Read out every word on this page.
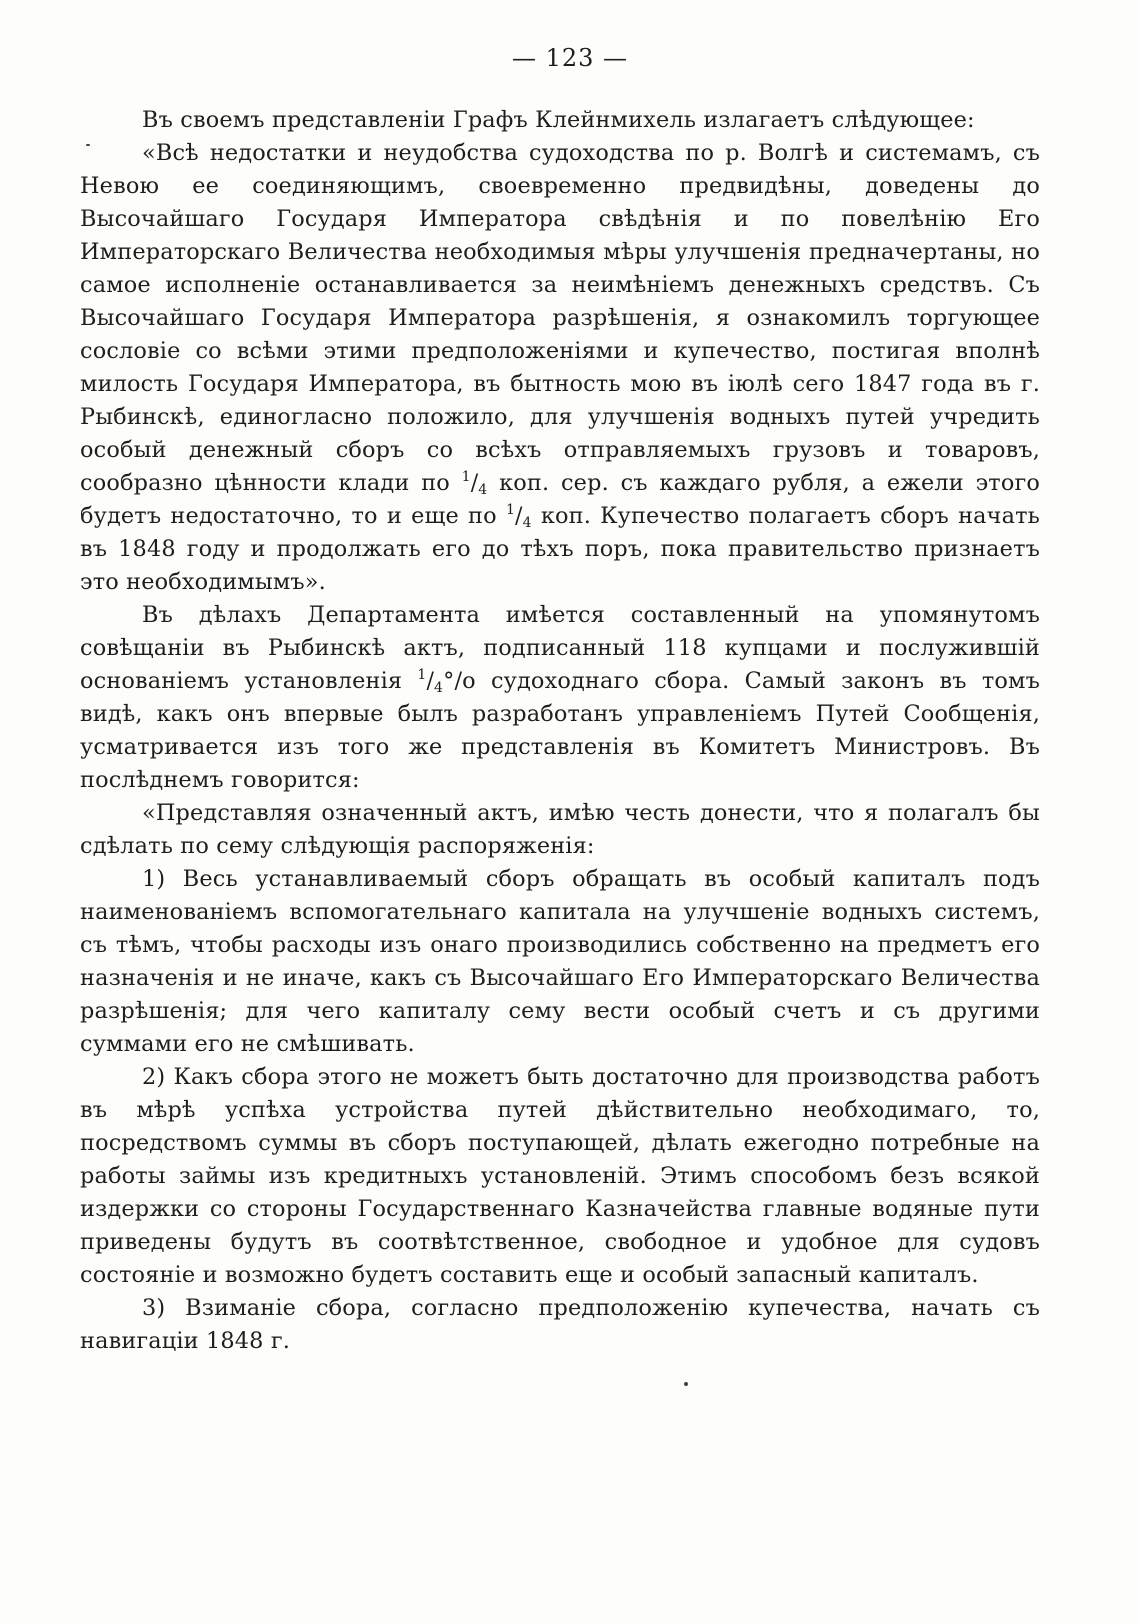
— 123 —

Въ своемъ представленіи Графъ Клейнмихель излагаетъ слѣдующее:

«Всѣ недостатки и неудобства судоходства по р. Волгѣ и системамъ, съ Невою ее соединяющимъ, своевременно предвидѣны, доведены до Высочайшаго Государя Императора свѣдѣнія и по повелѣнію Его Императорскаго Величества необходимыя мѣры улучшенія предначертаны, но самое исполненіе останавливается за неимѣніемъ денежныхъ средствъ. Съ Высочайшаго Государя Императора разрѣшенія, я ознакомилъ торгующее сословіе со всѣми этими предположеніями и купечество, постигая вполнѣ милость Государя Императора, въ бытность мою въ іюлѣ сего 1847 года въ г. Рыбинскѣ, единогласно положило, для улучшенія водныхъ путей учредить особый денежный сборъ со всѣхъ отправляемыхъ грузовъ и товаровъ, сообразно цѣнности клади по $^1/_4$ коп. сер. съ каждаго рубля, а ежели этого будетъ недостаточно, то и еще по $^1/_4$ коп. Купечество полагаетъ сборъ начать въ 1848 году и продолжать его до тѣхъ поръ, пока правительство признаетъ это необходимымъ».

Въ дѣлахъ Департамента имѣется составленный на упомянутомъ совѣщаніи въ Рыбинскѣ актъ, подписанный 118 купцами и послужившій основаніемъ установленія $^1/_4^\circ/o$ судоходнаго сбора. Самый законъ въ томъ видѣ, какъ онъ впервые былъ разработанъ управленіемъ Путей Сообщенія, усматривается изъ того же представленія въ Комитетъ Министровъ. Въ послѣднемъ говорится:

«Представляя означенный актъ, имѣю честь донести, что я полагалъ бы сдѣлать по сему слѣдующія распоряженія:

1) Весь устанавливаемый сборъ обращать въ особый капиталъ подъ наименованіемъ вспомогательнаго капитала на улучшеніе водныхъ системъ, съ тѣмъ, чтобы расходы изъ онаго производились собственно на предметъ его назначенія и не иначе, какъ съ Высочайшаго Его Императорскаго Величества разрѣшенія; для чего капиталу сему вести особый счетъ и съ другими суммами его не смѣшивать.

2) Какъ сбора этого не можетъ быть достаточно для производства работъ въ мѣрѣ успѣха устройства путей дѣйствительно необходимаго, то, посредствомъ суммы въ сборъ поступающей, дѣлать ежегодно потребные на работы займы изъ кредитныхъ установленій. Этимъ способомъ безъ всякой издержки со стороны Государственнаго Казначейства главные водяные пути приведены будутъ въ соотвѣтственное, свободное и удобное для судовъ состояніе и возможно будетъ составить еще и особый запасный капиталъ.

3) Взиманіе сбора, согласно предположенію купечества, начать съ навигаціи 1848 г.
